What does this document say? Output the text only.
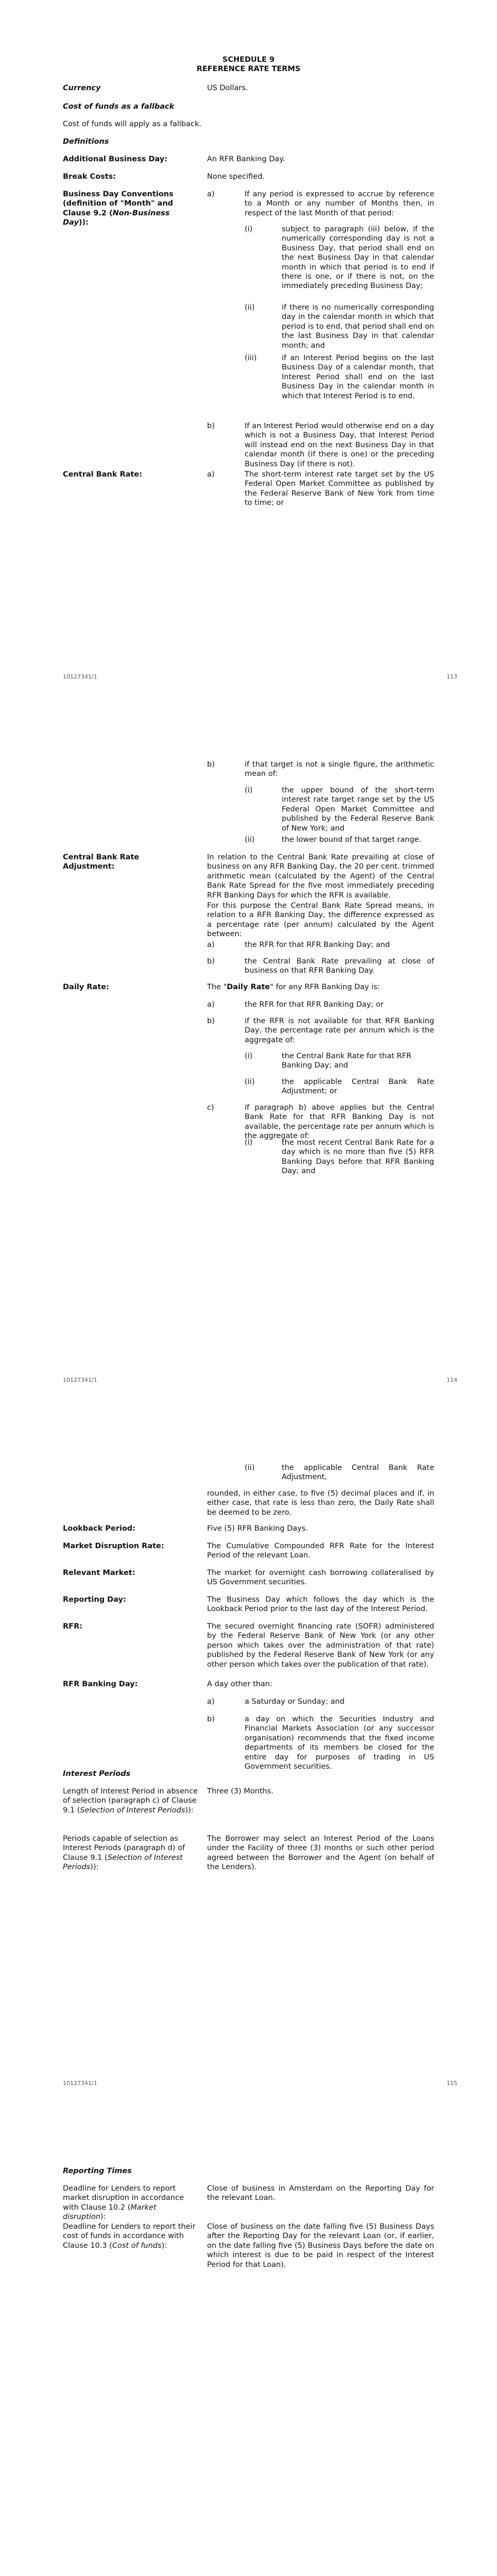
SCHEDULE 9
REFERENCE RATE TERMS
Currency	US Dollars.
Cost of funds as a fallback
Cost of funds will apply as a fallback.
Definitions
Additional Business Day:	An RFR Banking Day.
Break Costs:	None specified.
Business Day Conventions (definition of "Month" and Clause 9.2 (Non-Business Day)):
a)	If any period is expressed to accrue by reference to a Month or any number of Months then, in respect of the last Month of that period:
(i)	subject to paragraph (iii) below, if the numerically corresponding day is not a Business Day, that period shall end on the next Business Day in that calendar month in which that period is to end if there is one, or if there is not, on the immediately preceding Business Day;
(ii)	if there is no numerically corresponding day in the calendar month in which that period is to end, that period shall end on the last Business Day in that calendar month; and
(iii)	if an Interest Period begins on the last Business Day of a calendar month, that Interest Period shall end on the last Business Day in the calendar month in which that Interest Period is to end.
b)	If an Interest Period would otherwise end on a day which is not a Business Day, that Interest Period will instead end on the next Business Day in that calendar month (if there is one) or the preceding Business Day (if there is not).
Central Bank Rate:	a)	The short-term interest rate target set by the US Federal Open Market Committee as published by the Federal Reserve Bank of New York from time to time; or
10127341/1	113
b)	if that target is not a single figure, the arithmetic mean of:
(i)	the upper bound of the short-term interest rate target range set by the US Federal Open Market Committee and published by the Federal Reserve Bank of New York; and
(ii)	the lower bound of that target range.
Central Bank Rate Adjustment:
In relation to the Central Bank Rate prevailing at close of business on any RFR Banking Day, the 20 per cent. trimmed arithmetic mean (calculated by the Agent) of the Central Bank Rate Spread for the five most immediately preceding RFR Banking Days for which the RFR is available.
For this purpose the Central Bank Rate Spread means, in relation to a RFR Banking Day, the difference expressed as a percentage rate (per annum) calculated by the Agent between:
a)	the RFR for that RFR Banking Day; and
b)	the Central Bank Rate prevailing at close of business on that RFR Banking Day.
Daily Rate:	The "Daily Rate" for any RFR Banking Day is:
a)	the RFR for that RFR Banking Day; or
b)	if the RFR is not available for that RFR Banking Day, the percentage rate per annum which is the aggregate of:
(i)	the Central Bank Rate for that RFR Banking Day; and
(ii)	the applicable Central Bank Rate Adjustment; or
c)	if paragraph b) above applies but the Central Bank Rate for that RFR Banking Day is not available, the percentage rate per annum which is the aggregate of:
(i)	the most recent Central Bank Rate for a day which is no more than five (5) RFR Banking Days before that RFR Banking Day; and
10127341/1	114
(ii)	the applicable Central Bank Rate Adjustment,
rounded, in either case, to five (5) decimal places and if, in either case, that rate is less than zero, the Daily Rate shall be deemed to be zero.
Lookback Period:	Five (5) RFR Banking Days.
Market Disruption Rate:	The Cumulative Compounded RFR Rate for the Interest Period of the relevant Loan.
Relevant Market:	The market for overnight cash borrowing collateralised by US Government securities.
Reporting Day:	The Business Day which follows the day which is the Lookback Period prior to the last day of the Interest Period.
RFR:	The secured overnight financing rate (SOFR) administered by the Federal Reserve Bank of New York (or any other person which takes over the administration of that rate) published by the Federal Reserve Bank of New York (or any other person which takes over the publication of that rate).
RFR Banking Day:	A day other than:
a)	a Saturday or Sunday; and
b)	a day on which the Securities Industry and Financial Markets Association (or any successor organisation) recommends that the fixed income departments of its members be closed for the entire day for purposes of trading in US Government securities.
Interest Periods
Length of Interest Period in absence of selection (paragraph c) of Clause 9.1 (Selection of Interest Periods)):
Three (3) Months.
Periods capable of selection as Interest Periods (paragraph d) of Clause 9.1 (Selection of Interest Periods)):
The Borrower may select an Interest Period of the Loans under the Facility of three (3) months or such other period agreed between the Borrower and the Agent (on behalf of the Lenders).
10127341/1	115
Reporting Times
Deadline for Lenders to report market disruption in accordance with Clause 10.2 (Market disruption):
Close of business in Amsterdam on the Reporting Day for the relevant Loan.
Deadline for Lenders to report their cost of funds in accordance with Clause 10.3 (Cost of funds):
Close of business on the date falling five (5) Business Days after the Reporting Day for the relevant Loan (or, if earlier, on the date falling five (5) Business Days before the date on which interest is due to be paid in respect of the Interest Period for that Loan).
